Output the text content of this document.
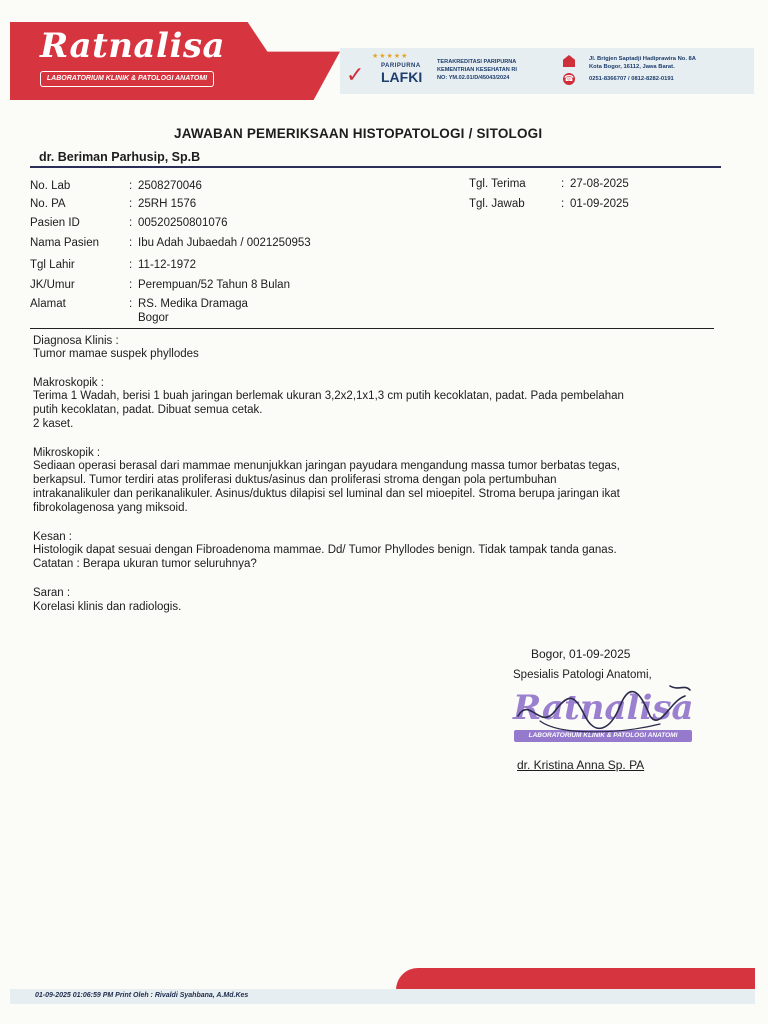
Ratnalisa
LABORATORIUM KLINIK & PATOLOGI ANATOMI
★★★★★
✓	PARIPURNA
LAFKI
TERAKREDITASI PARIPURNA
KEMENTRIAN KESEHATAN RI
NO: YM.02.01/D/45043/2024	☎
Jl. Brigjen Saptadji Hadiprawira No. 8A
Kota Bogor, 16112, Jawa Barat.
0251-8366707 / 0812-8282-0191
JAWABAN PEMERIKSAAN HISTOPATOLOGI / SITOLOGI
dr. Beriman Parhusip, Sp.B
No. Lab	: 2508270046
No. PA	: 25RH 1576
Pasien ID	: 00520250801076
Nama Pasien	: Ibu Adah Jubaedah / 0021250953
Tgl Lahir	: 11-12-1972
JK/Umur	: Perempuan/52 Tahun 8 Bulan
Alamat	: RS. Medika Dramaga
Bogor
Tgl. Terima	: 27-08-2025
Tgl. Jawab	: 01-09-2025
Diagnosa Klinis :
Tumor mamae suspek phyllodes
Makroskopik :
Terima 1 Wadah, berisi 1 buah jaringan berlemak ukuran 3,2x2,1x1,3 cm putih kecoklatan, padat. Pada pembelahan
putih kecoklatan, padat. Dibuat semua cetak.
2 kaset.
Mikroskopik :
Sediaan operasi berasal dari mammae menunjukkan jaringan payudara mengandung massa tumor berbatas tegas,
berkapsul. Tumor terdiri atas proliferasi duktus/asinus dan proliferasi stroma dengan pola pertumbuhan
intrakanalikuler dan perikanalikuler. Asinus/duktus dilapisi sel luminal dan sel mioepitel. Stroma berupa jaringan ikat
fibrokolagenosa yang miksoid.
Kesan :
Histologik dapat sesuai dengan Fibroadenoma mammae. Dd/ Tumor Phyllodes benign. Tidak tampak tanda ganas.
Catatan : Berapa ukuran tumor seluruhnya?
Saran :
Korelasi klinis dan radiologis.
Bogor, 01-09-2025
Spesialis Patologi Anatomi,
Ratnalisa
LABORATORIUM KLINIK & PATOLOGI ANATOMI
dr. Kristina Anna Sp. PA
01-09-2025 01:06:59 PM Print Oleh : Rivaldi Syahbana, A.Md.Kes
